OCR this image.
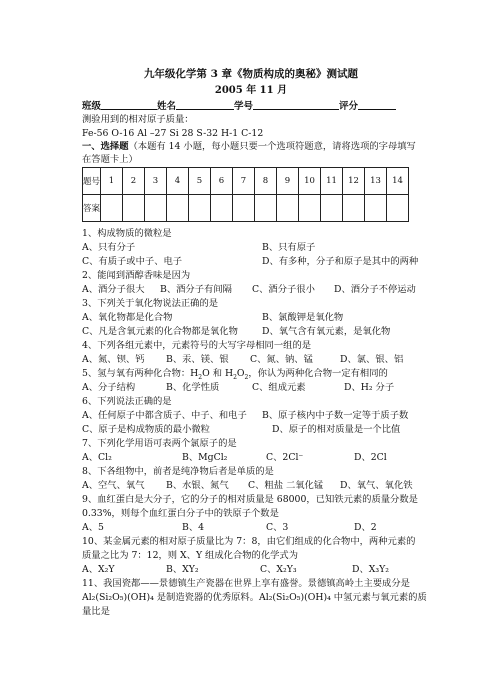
九年级化学第 3 章《物质构成的奥秘》测试题
2005 年 11 月
班级	姓名	学号	评分
测验用到的相对原子质量：
Fe-56 O-16 Al –27 Si 28 S-32 H-1 C-12
一、选择题（本题有 14 小题，每小题只要一个选项符题意，请将选项的字母填写在答题卡上）
题号	1	2	3	4	5	6	7	8	9	10	11	12	13	14
答案														
1、构成物质的微粒是
A、只有分子	B、只有原子
C、有质子或中子、电子	D、有多种，分子和原子是其中的两种
2、能闻到酒醇香味是因为
A、酒分子很大 B、酒分子有间隔 C、酒分子很小 D、酒分子不停运动
3、下列关于氧化物说法正确的是
A、氧化物都是化合物	B、氯酸钾是氧化物
C、凡是含氧元素的化合物都是氧化物	D、氧气含有氧元素，是氧化物
4、下列各组元素中，元素符号的大写字母相同一组的是
A、氮、钡、钙 B、汞、镁、银 C、氮、钠、锰	D、氯、银、铝
5、氢与氧有两种化合物：$H_2O$ 和 $H_2O_2$，你认为两种化合物一定有相同的
A、分子结构	B、化学性质	C、组成元素	D、H₂ 分子
6、下列说法正确的是
A、任何原子中都含质子、中子、和电子 B、原子核内中子数一定等于质子数
C、原子是构成物质的最小微粒	D、原子的相对质量是一个比值
7、下列化学用语可表两个氯原子的是
A、Cl₂	B、MgCl₂	C、2Cl⁻	D、2Cl
8、下各组物中，前者是纯净物后者是单质的是
A、空气、氧气 B、水银、氮气 C、粗盐 二氧化锰 D、氧气、氧化铁
9、血红蛋白是大分子，它的分子的相对质量是 68000，已知铁元素的质量分数是
0.33%，则每个血红蛋白分子中的铁原子个数是
A、5	B、4	C、3	D、2
10、某金属元素的相对原子质量比为 7：8，由它们组成的化合物中，两种元素的
质量之比为 7：12，则 X、Y 组成化合物的化学式为
A、X₂Y	B、XY₂	C、X₂Y₃	D、X₃Y₂
11、我国瓷都——景德镇生产瓷器在世界上享有盛誉。景德镇高岭土主要成分是
Al₂(Si₂O₅)(OH)₄ 是制造瓷器的优秀原料。Al₂(Si₂O₅)(OH)₄ 中氢元素与氧元素的质
量比是
